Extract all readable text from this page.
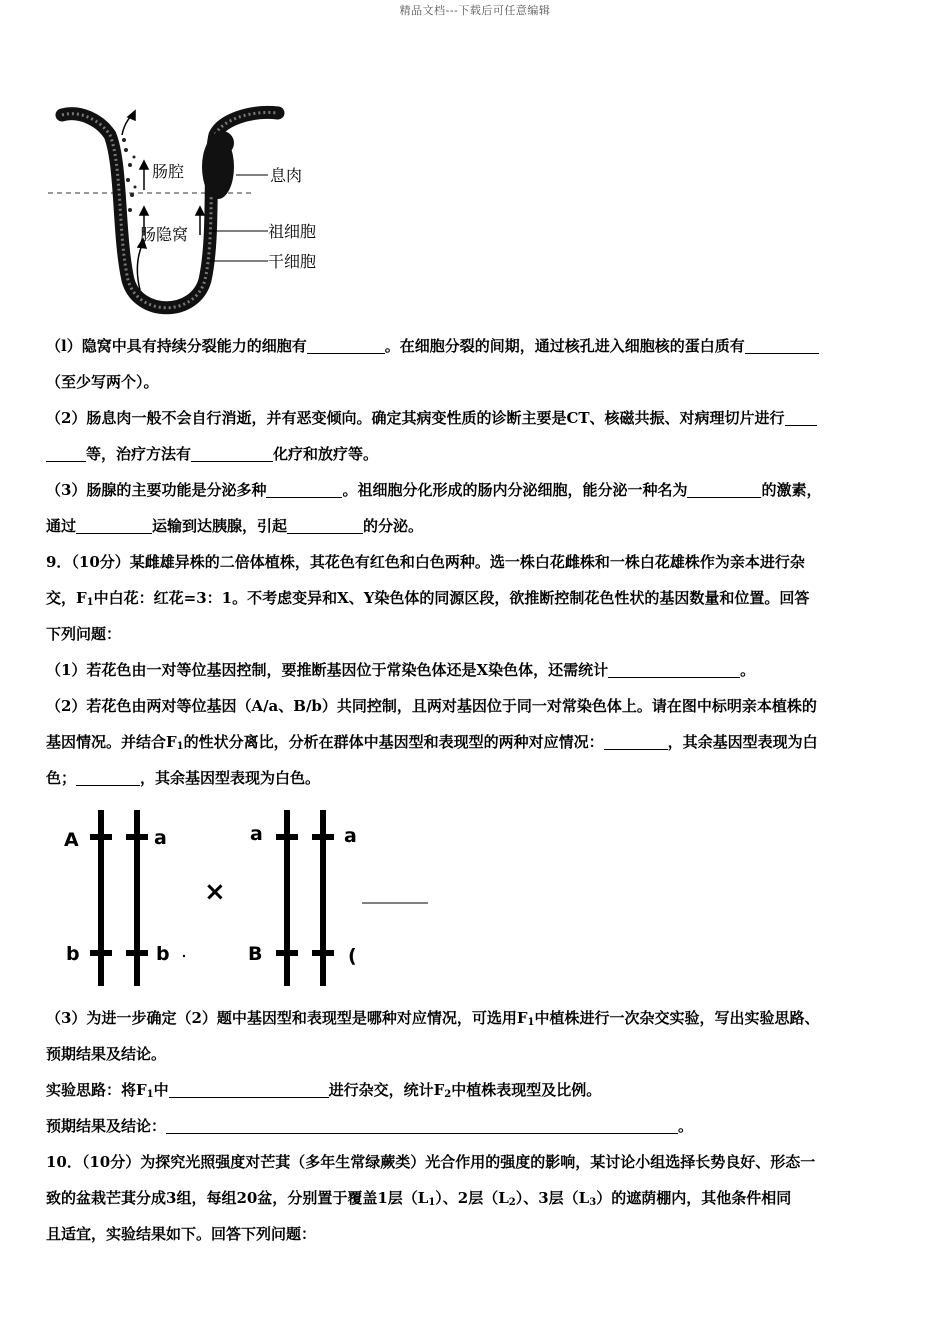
精品文档---下载后可任意编辑
肠腔
肠隐窝
息肉
祖细胞
干细胞
（l）隐窝中具有持续分裂能力的细胞有	。在细胞分裂的间期，通过核孔进入细胞核的蛋白质有
（至少写两个）。
（2）肠息肉一般不会自行消逝，并有恶变倾向。确定其病变性质的诊断主要是CT、核磁共振、对病理切片进行
等，治疗方法有	化疗和放疗等。
（3）肠腺的主要功能是分泌多种	。祖细胞分化形成的肠内分泌细胞，能分泌一种名为	的激素，
通过	运输到达胰腺，引起	的分泌。
9．（10分）某雌雄异株的二倍体植株，其花色有红色和白色两种。选一株白花雌株和一株白花雄株作为亲本进行杂
交，$F_1$中白花：红花=3：1。不考虑变异和X、Y染色体的同源区段，欲推断控制花色性状的基因数量和位置。回答
下列问题：
（1）若花色由一对等位基因控制，要推断基因位于常染色体还是X染色体，还需统计	。
（2）若花色由两对等位基因（A/a、B/b）共同控制，且两对基因位于同一对常染色体上。请在图中标明亲本植株的
基因情况。并结合$F_1$的性状分离比，分析在群体中基因型和表现型的两种对应情况：	，其余基因型表现为白
色；	，其余基因型表现为白色。
A	a
b	b
×
a	a
B	(
（3）为进一步确定（2）题中基因型和表现型是哪种对应情况，可选用$F_1$中植株进行一次杂交实验，写出实验思路、
预期结果及结论。
实验思路：将$F_1$中	进行杂交，统计$F_2$中植株表现型及比例。
预期结果及结论：	。
10．（10分）为探究光照强度对芒萁（多年生常绿蕨类）光合作用的强度的影响，某讨论小组选择长势良好、形态一
致的盆栽芒萁分成3组，每组20盆，分别置于覆盖1层$(L_1)$、2层$(L_2)$、3层$(L_3)$的遮荫棚内，其他条件相同
且适宜，实验结果如下。回答下列问题：
